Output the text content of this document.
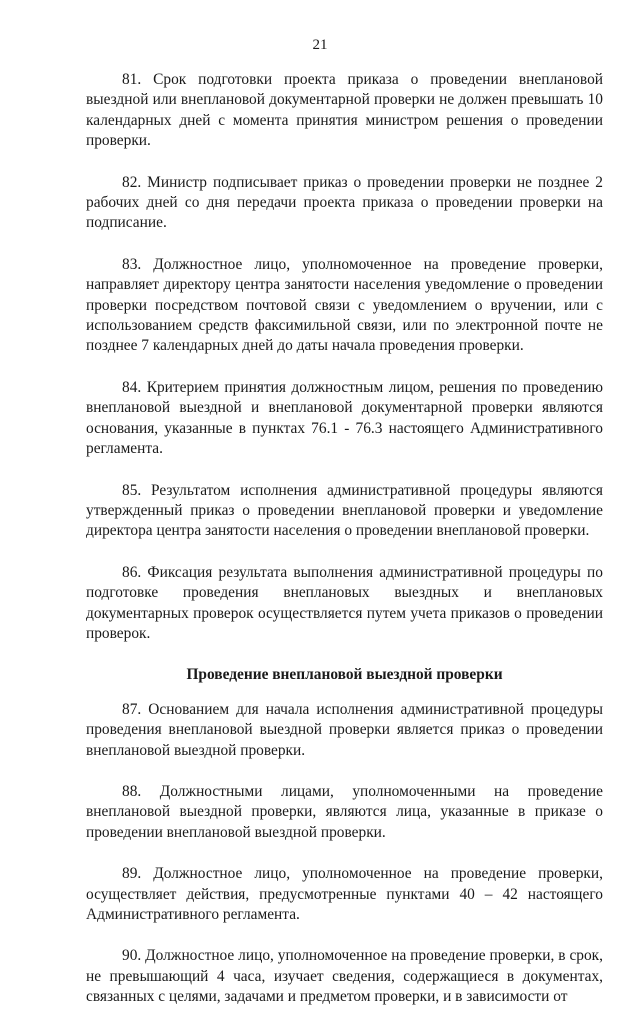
21

81. Срок подготовки проекта приказа о проведении внеплановой выездной или внеплановой документарной проверки не должен превышать 10 календарных дней с момента принятия министром решения о проведении проверки.

82. Министр подписывает приказ о проведении проверки не позднее 2 рабочих дней со дня передачи проекта приказа о проведении проверки на подписание.

83. Должностное лицо, уполномоченное на проведение проверки, направляет директору центра занятости населения уведомление о проведении проверки посредством почтовой связи с уведомлением о вручении, или с использованием средств факсимильной связи, или по электронной почте не позднее 7 календарных дней до даты начала проведения проверки.

84. Критерием принятия должностным лицом, решения по проведению внеплановой выездной и внеплановой документарной проверки являются основания, указанные в пунктах 76.1 - 76.3 настоящего Административного регламента.

85. Результатом исполнения административной процедуры являются утвержденный приказ о проведении внеплановой проверки и уведомление директора центра занятости населения о проведении внеплановой проверки.

86. Фиксация результата выполнения административной процедуры по подготовке проведения внеплановых выездных и внеплановых документарных проверок осуществляется путем учета приказов о проведении проверок.

Проведение внеплановой выездной проверки

87. Основанием для начала исполнения административной процедуры проведения внеплановой выездной проверки является приказ о проведении внеплановой выездной проверки.

88. Должностными лицами, уполномоченными на проведение внеплановой выездной проверки, являются лица, указанные в приказе о проведении внеплановой выездной проверки.

89. Должностное лицо, уполномоченное на проведение проверки, осуществляет действия, предусмотренные пунктами 40 – 42 настоящего Административного регламента.

90. Должностное лицо, уполномоченное на проведение проверки, в срок, не превышающий 4 часа, изучает сведения, содержащиеся в документах, связанных с целями, задачами и предметом проверки, и в зависимости от
